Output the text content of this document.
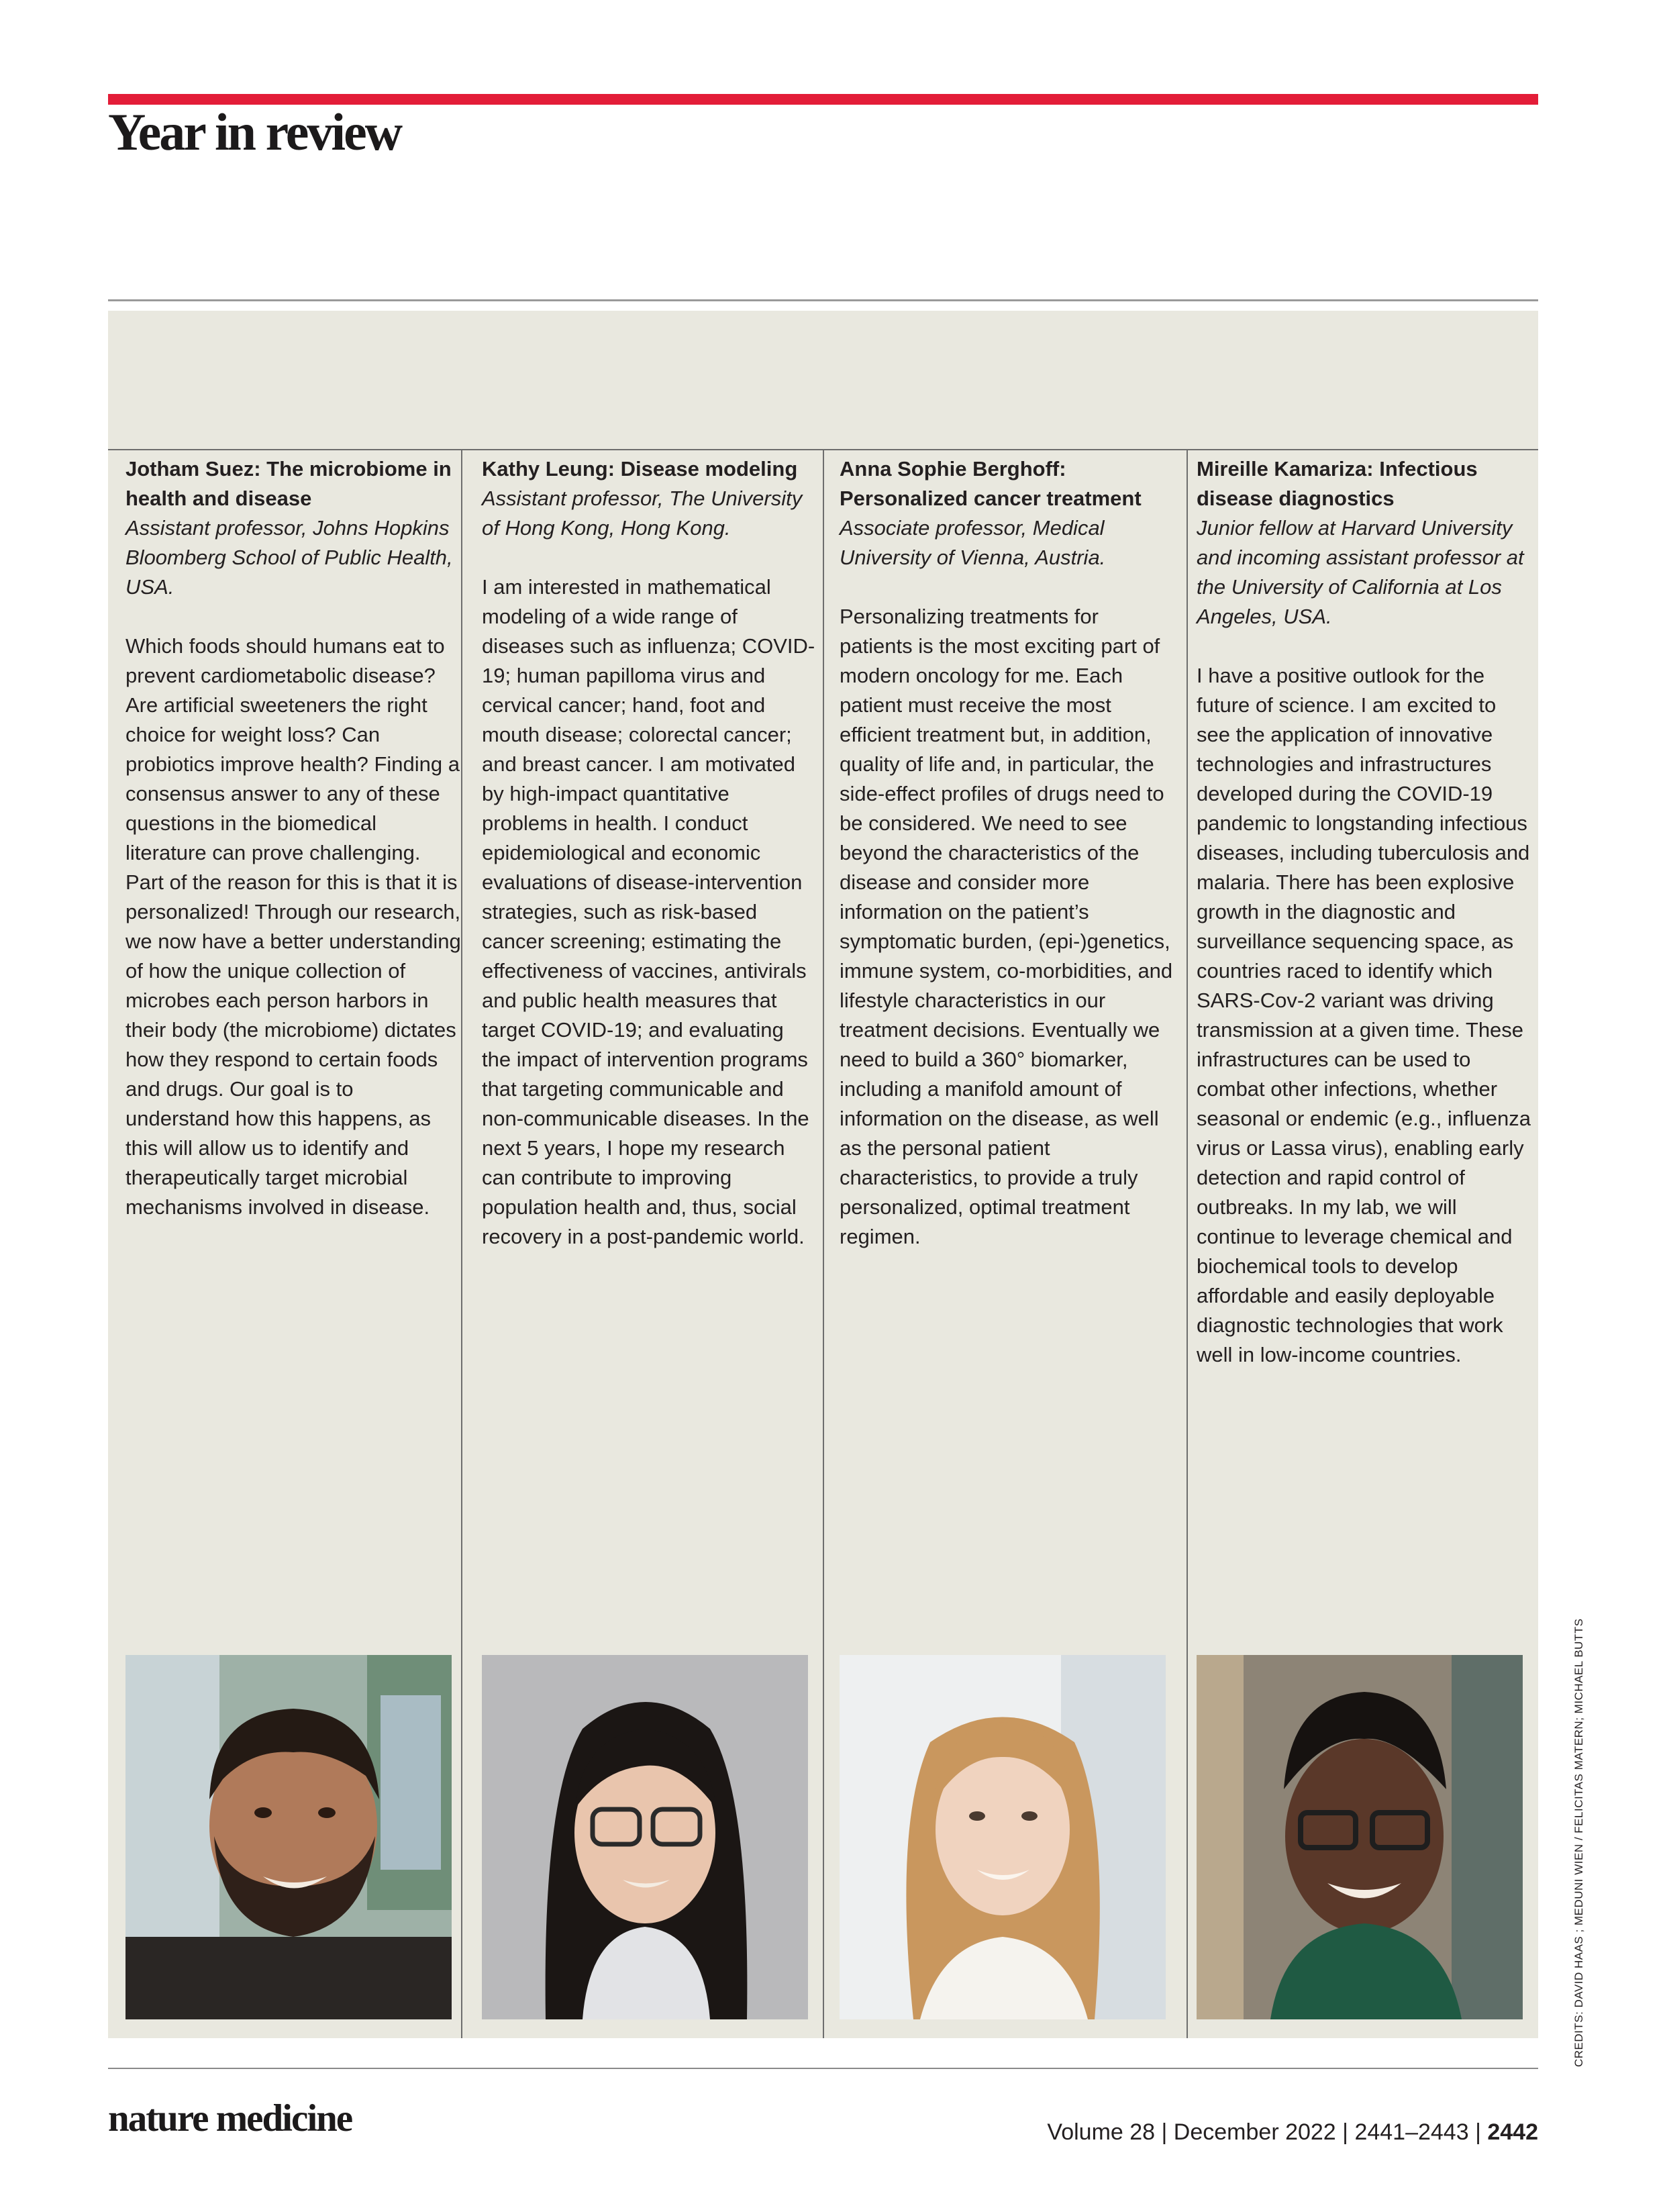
Year in review

Jotham Suez: The microbiome in health and disease

Assistant professor, Johns Hopkins Bloomberg School of Public Health, USA.

Which foods should humans eat to prevent cardiometabolic disease? Are artificial sweeteners the right choice for weight loss? Can probiotics improve health? Finding a consensus answer to any of these questions in the biomedical literature can prove challenging. Part of the reason for this is that it is personalized! Through our research, we now have a better understanding of how the unique collection of microbes each person harbors in their body (the microbiome) dictates how they respond to certain foods and drugs. Our goal is to understand how this happens, as this will allow us to identify and therapeutically target microbial mechanisms involved in disease.

Kathy Leung: Disease modeling

Assistant professor, The University of Hong Kong, Hong Kong.

I am interested in mathematical modeling of a wide range of diseases such as influenza; COVID-19; human papilloma virus and cervical cancer; hand, foot and mouth disease; colorectal cancer; and breast cancer. I am motivated by high-impact quantitative problems in health. I conduct epidemiological and economic evaluations of disease-intervention strategies, such as risk-based cancer screening; estimating the effectiveness of vaccines, antivirals and public health measures that target COVID-19; and evaluating the impact of intervention programs that targeting communicable and non-communicable diseases. In the next 5 years, I hope my research can contribute to improving population health and, thus, social recovery in a post-pandemic world.

Anna Sophie Berghoff: Personalized cancer treatment

Associate professor, Medical University of Vienna, Austria.

Personalizing treatments for patients is the most exciting part of modern oncology for me. Each patient must receive the most efficient treatment but, in addition, quality of life and, in particular, the side-effect profiles of drugs need to be considered. We need to see beyond the characteristics of the disease and consider more information on the patient’s symptomatic burden, (epi-)genetics, immune system, co-morbidities, and lifestyle characteristics in our treatment decisions. Eventually we need to build a 360° biomarker, including a manifold amount of information on the disease, as well as the personal patient characteristics, to provide a truly personalized, optimal treatment regimen.

Mireille Kamariza: Infectious disease diagnostics

Junior fellow at Harvard University and incoming assistant professor at the University of California at Los Angeles, USA.

I have a positive outlook for the future of science. I am excited to see the application of innovative technologies and infrastructures developed during the COVID-19 pandemic to longstanding infectious diseases, including tuberculosis and malaria. There has been explosive growth in the diagnostic and surveillance sequencing space, as countries raced to identify which SARS-Cov-2 variant was driving transmission at a given time. These infrastructures can be used to combat other infections, whether seasonal or endemic (e.g., influenza virus or Lassa virus), enabling early detection and rapid control of outbreaks. In my lab, we will continue to leverage chemical and biochemical tools to develop affordable and easily deployable diagnostic technologies that work well in low-income countries.

CREDITS: DAVID HAAS ; MEDUNI WIEN / FELICITAS MATERN; MICHAEL BUTTS
nature medicine	Volume 28 | December 2022 | 2441–2443 | 2442
